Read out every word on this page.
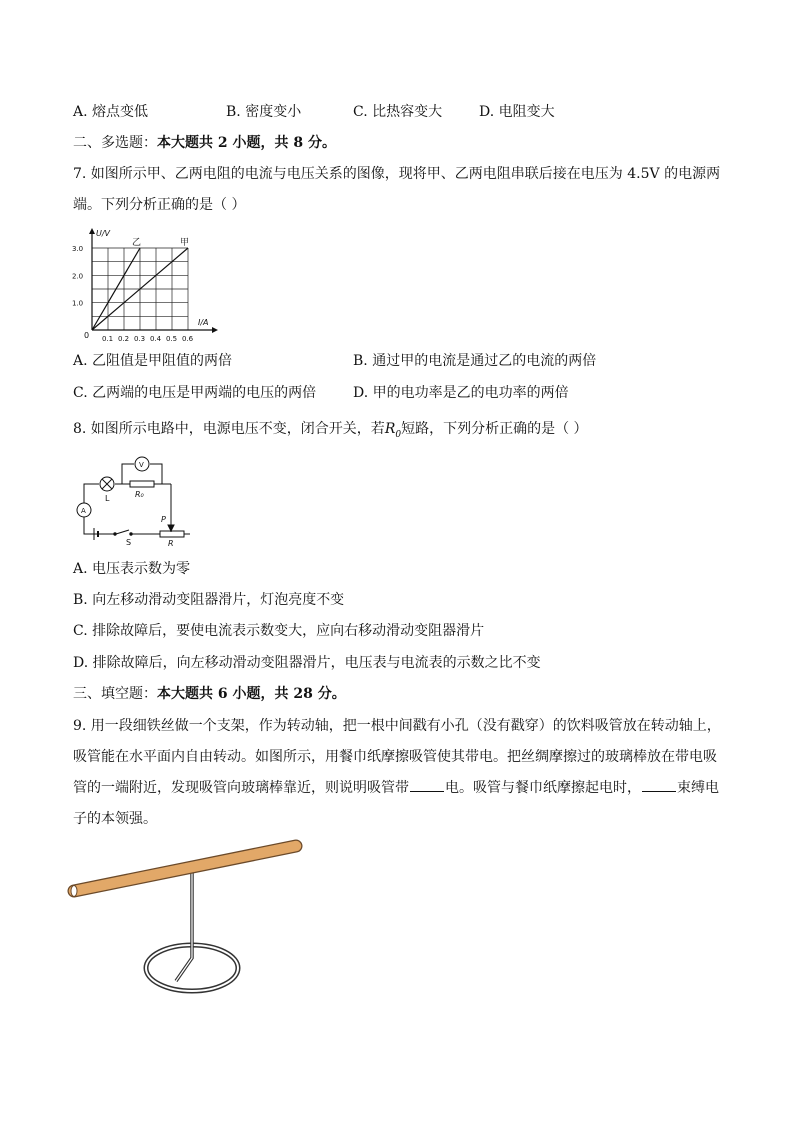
A. 熔点变低	B. 密度变小	C. 比热容变大	D. 电阻变大
二、多选题：本大题共 2 小题，共 8 分。
7. 如图所示甲、乙两电阻的电流与电压关系的图像，现将甲、乙两电阻串联后接在电压为 4.5V 的电源两
端。下列分析正确的是（ ）
乙	甲
0.1 0.2 0.3 0.4 0.5 0.6
1.0
2.0
3.0
0
I/A
U/V
A. 乙阻值是甲阻值的两倍	B. 通过甲的电流是通过乙的电流的两倍
C. 乙两端的电压是甲两端的电压的两倍	D. 甲的电功率是乙的电功率的两倍
8. 如图所示电路中，电源电压不变，闭合开关，若$R_0$短路，下列分析正确的是（ ）
V
A
L	R₀
S
P
R
A. 电压表示数为零
B. 向左移动滑动变阻器滑片，灯泡亮度不变
C. 排除故障后，要使电流表示数变大，应向右移动滑动变阻器滑片
D. 排除故障后，向左移动滑动变阻器滑片，电压表与电流表的示数之比不变
三、填空题：本大题共 6 小题，共 28 分。
9. 用一段细铁丝做一个支架，作为转动轴，把一根中间戳有小孔（没有戳穿）的饮料吸管放在转动轴上，
吸管能在水平面内自由转动。如图所示，用餐巾纸摩擦吸管使其带电。把丝绸摩擦过的玻璃棒放在带电吸
管的一端附近，发现吸管向玻璃棒靠近，则说明吸管带	电。吸管与餐巾纸摩擦起电时，	束缚电
子的本领强。
